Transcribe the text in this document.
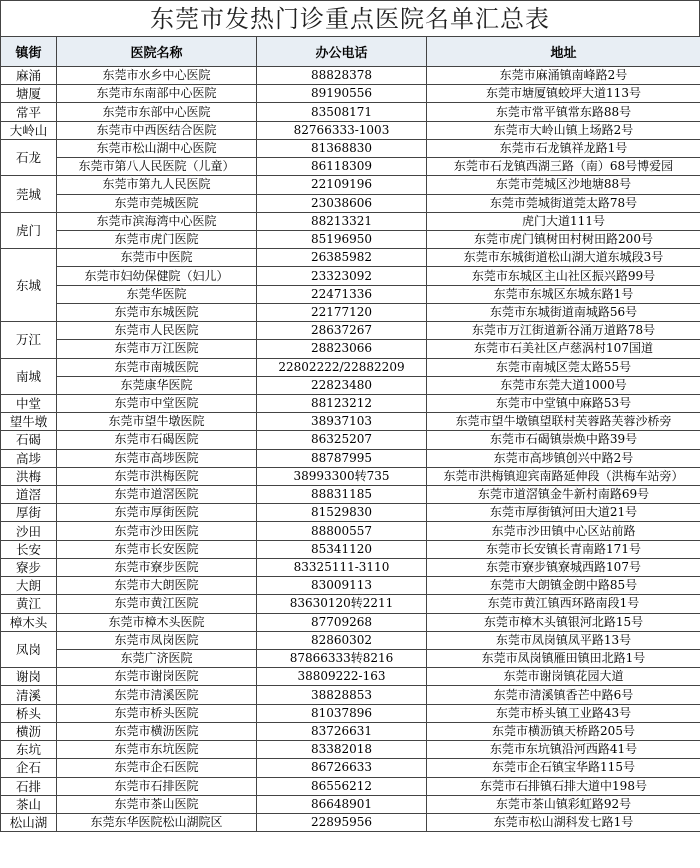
东莞市发热门诊重点医院名单汇总表
镇街	医院名称	办公电话	地址
麻涌	东莞市水乡中心医院	88828378	东莞市麻涌镇南峰路2号
塘厦	东莞市东南部中心医院	89190556	东莞市塘厦镇蛟坪大道113号
常平	东莞市东部中心医院	83508171	东莞市常平镇常东路88号
大岭山	东莞市中西医结合医院	82766333-1003	东莞市大岭山镇上场路2号
石龙	东莞市松山湖中心医院	81368830	东莞市石龙镇祥龙路1号
	东莞市第八人民医院（儿童）	86118309	东莞市石龙镇西湖三路（南）68号博爱园
莞城	东莞市第九人民医院	22109196	东莞市莞城区沙地塘88号
	东莞市莞城医院	23038606	东莞市莞城街道莞太路78号
虎门	东莞市滨海湾中心医院	88213321	虎门大道111号
	东莞市虎门医院	85196950	东莞市虎门镇树田村树田路200号
东城	东莞市中医院	26385982	东莞市东城街道松山湖大道东城段3号
	东莞市妇幼保健院（妇儿）	23323092	东莞市东城区主山社区振兴路99号
	东莞华医院	22471336	东莞市东城区东城东路1号
	东莞市东城医院	22177120	东莞市东城街道南城路56号
万江	东莞市人民医院	28637267	东莞市万江街道新谷涌万道路78号
	东莞市万江医院	28823066	东莞市石美社区卢慈涡村107国道
南城	东莞市南城医院	22802222/22882209	东莞市南城区莞太路55号
	东莞康华医院	22823480	东莞市东莞大道1000号
中堂	东莞市中堂医院	88123212	东莞市中堂镇中麻路53号
望牛墩	东莞市望牛墩医院	38937103	东莞市望牛墩镇望联村芙蓉路芙蓉沙桥旁
石碣	东莞市石碣医院	86325207	东莞市石碣镇崇焕中路39号
高埗	东莞市高埗医院	88787995	东莞市高埗镇创兴中路2号
洪梅	东莞市洪梅医院	38993300转735	东莞市洪梅镇迎宾南路延伸段（洪梅车站旁）
道滘	东莞市道滘医院	88831185	东莞市道滘镇金牛新村南路69号
厚街	东莞市厚街医院	81529830	东莞市厚街镇河田大道21号
沙田	东莞市沙田医院	88800557	东莞市沙田镇中心区站前路
长安	东莞市长安医院	85341120	东莞市长安镇长青南路171号
寮步	东莞市寮步医院	83325111-3110	东莞市寮步镇寮城西路107号
大朗	东莞市大朗医院	83009113	东莞市大朗镇金朗中路85号
黄江	东莞市黄江医院	83630120转2211	东莞市黄江镇西环路南段1号
樟木头	东莞市樟木头医院	87709268	东莞市樟木头镇银河北路15号
凤岗	东莞市凤岗医院	82860302	东莞市凤岗镇凤平路13号
	东莞广济医院	87866333转8216	东莞市凤岗镇雁田镇田北路1号
谢岗	东莞市谢岗医院	38809222-163	东莞市谢岗镇花园大道
清溪	东莞市清溪医院	38828853	东莞市清溪镇香芒中路6号
桥头	东莞市桥头医院	81037896	东莞市桥头镇工业路43号
横沥	东莞市横沥医院	83726631	东莞市横沥镇天桥路205号
东坑	东莞市东坑医院	83382018	东莞市东坑镇沿河西路41号
企石	东莞市企石医院	86726633	东莞市企石镇宝华路115号
石排	东莞市石排医院	86556212	东莞市石排镇石排大道中198号
茶山	东莞市茶山医院	86648901	东莞市茶山镇彩虹路92号
松山湖	东莞东华医院松山湖院区	22895956	东莞市松山湖科发七路1号
